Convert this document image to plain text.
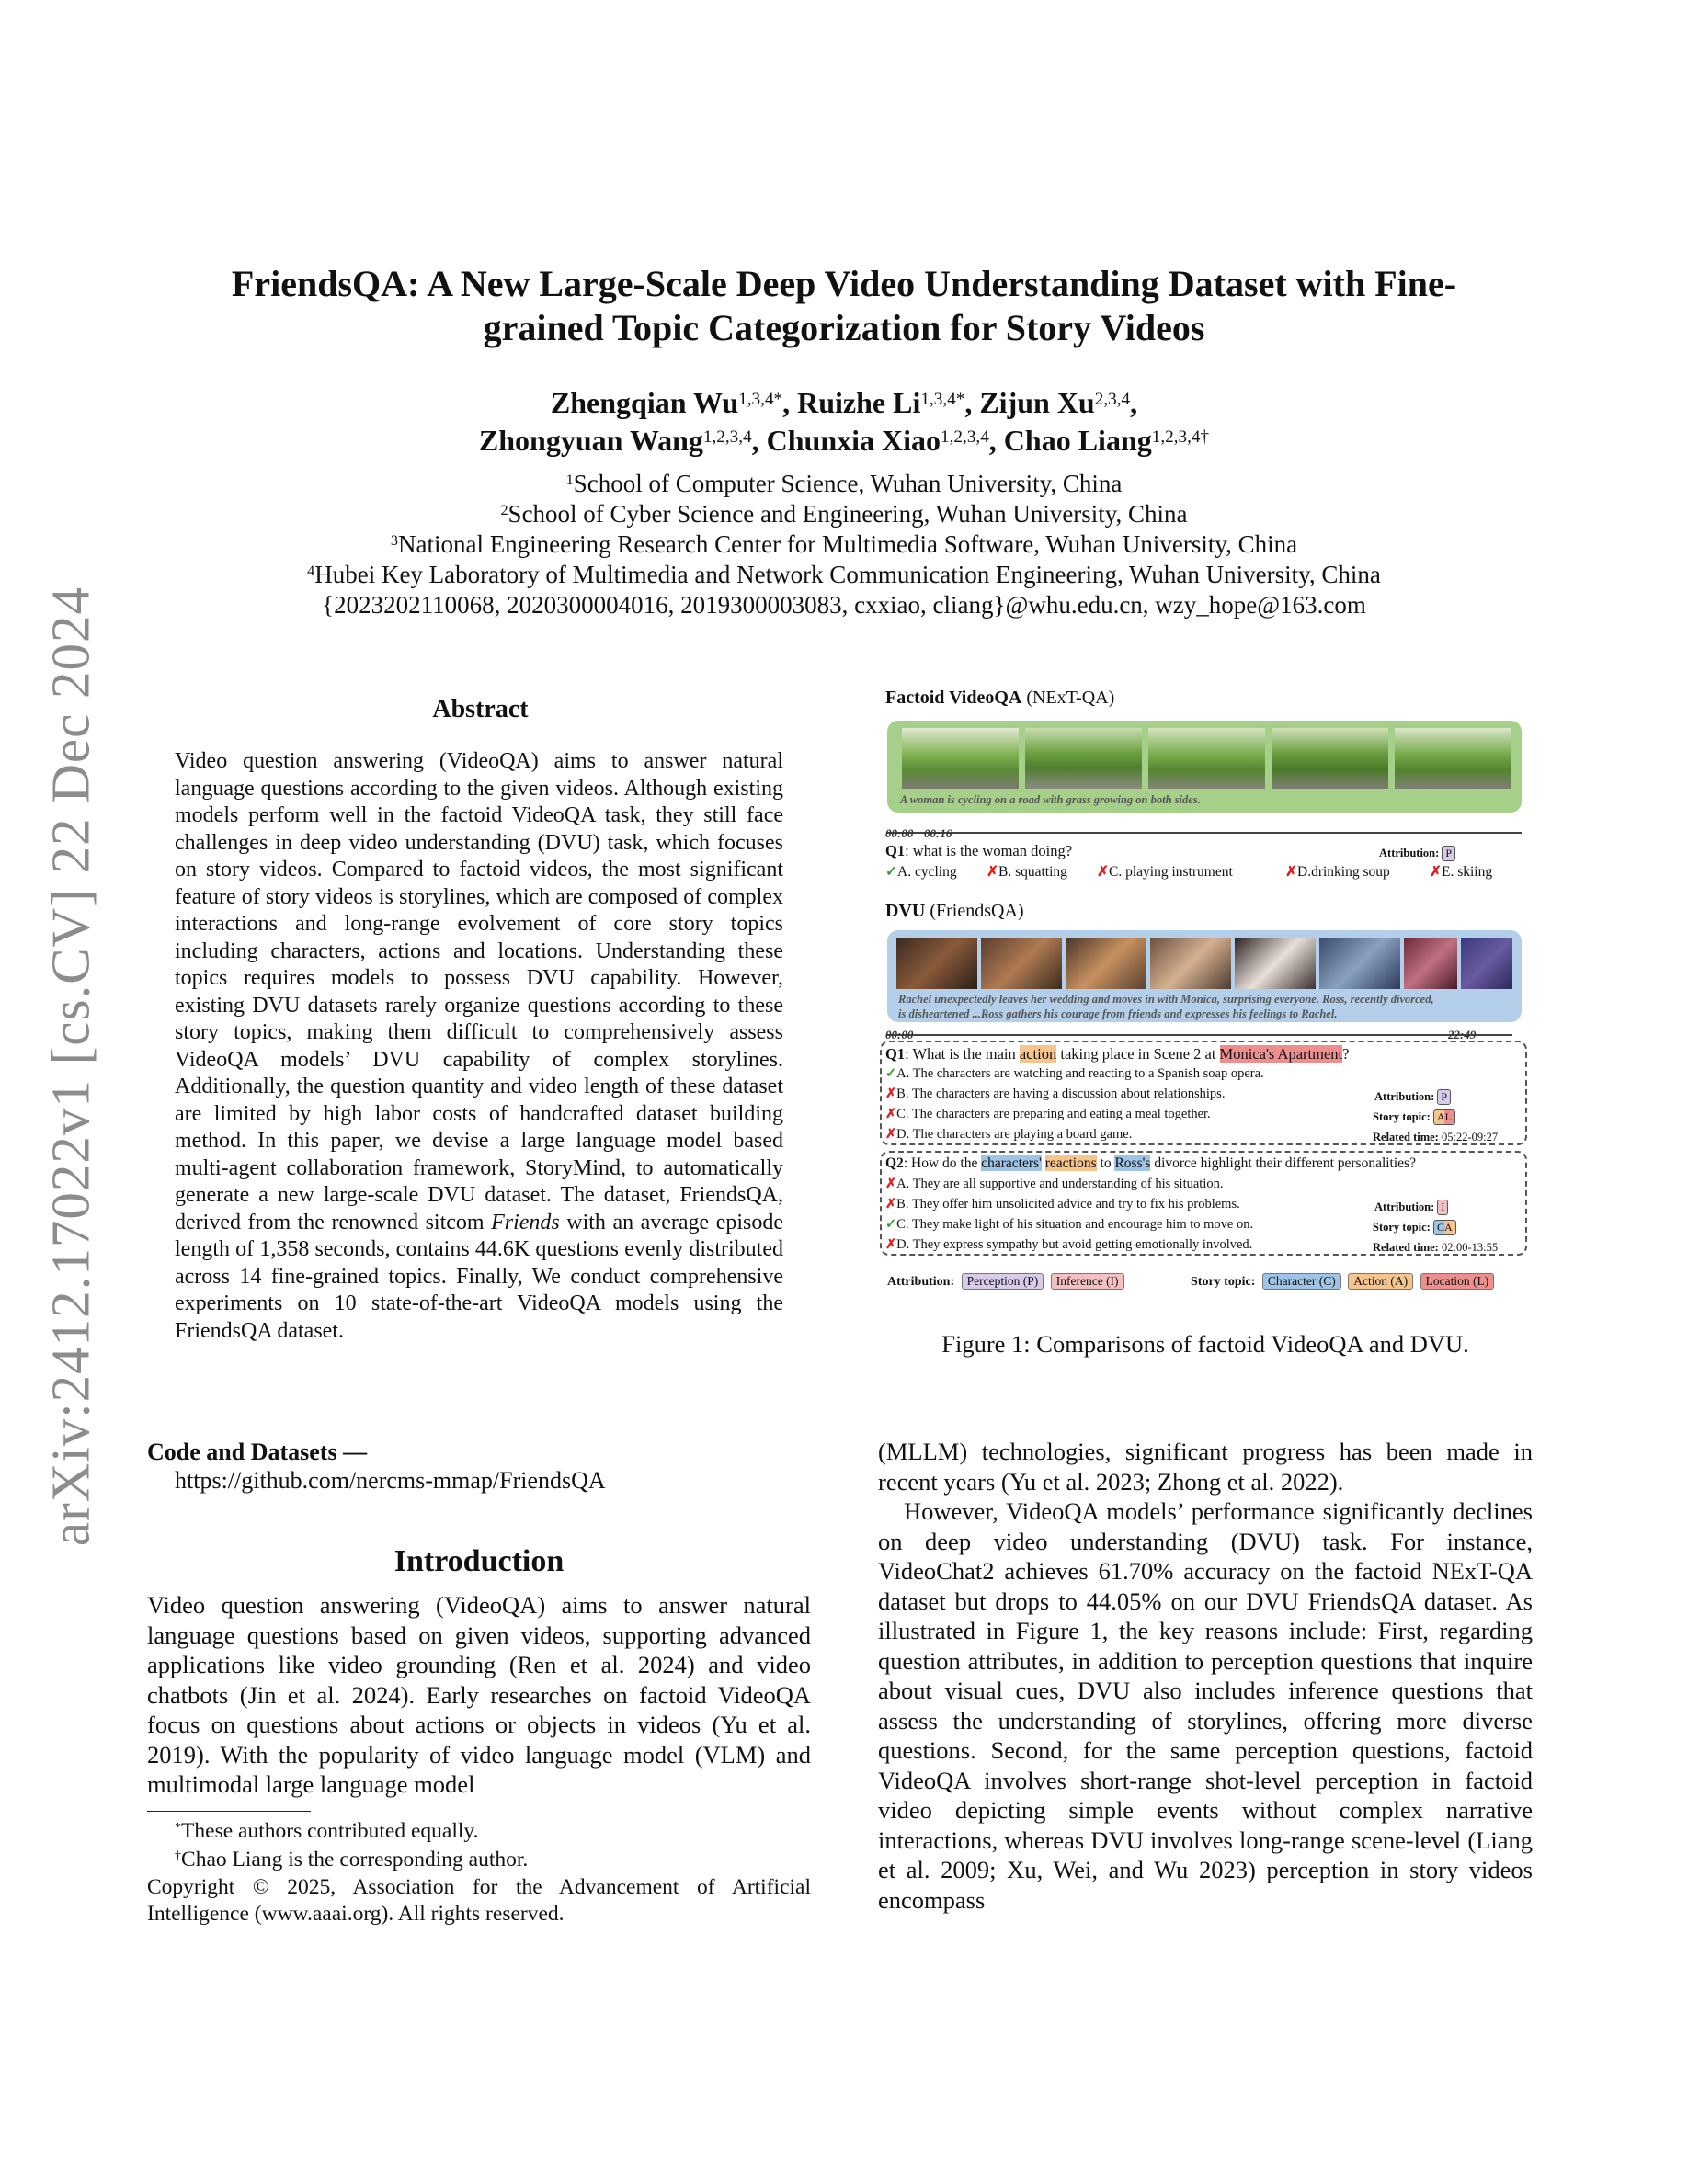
arXiv:2412.17022v1 [cs.CV] 22 Dec 2024
FriendsQA: A New Large-Scale Deep Video Understanding Dataset with Fine-grained Topic Categorization for Story Videos
Zhengqian $Wu^{1,3,4*}$, Ruizhe $Li^{1,3,4*}$, Zijun Xu$^{2,3,4}$,
Zhongyuan Wang$^{1,2,3,4}$, Chunxia Xiao$^{1,2,3,4}$, Chao Liang$^{1,2,3,4\dagger}$
$^1$School of Computer Science, Wuhan University, China
$^2$School of Cyber Science and Engineering, Wuhan University, China
$^3$National Engineering Research Center for Multimedia Software, Wuhan University, China
$^4$Hubei Key Laboratory of Multimedia and Network Communication Engineering, Wuhan University, China
{2023202110068, 2020300004016, 2019300003083, cxxiao, cliang}@whu.edu.cn, wzy_hope@163.com
Abstract
Video question answering (VideoQA) aims to answer natural language questions according to the given videos. Although existing models perform well in the factoid VideoQA task, they still face challenges in deep video understanding (DVU) task, which focuses on story videos. Compared to factoid videos, the most significant feature of story videos is storylines, which are composed of complex interactions and long-range evolvement of core story topics including characters, actions and locations. Understanding these topics requires models to possess DVU capability. However, existing DVU datasets rarely organize questions according to these story topics, making them difficult to comprehensively assess VideoQA models’ DVU capability of complex storylines. Additionally, the question quantity and video length of these dataset are limited by high labor costs of handcrafted dataset building method. In this paper, we devise a large language model based multi-agent collaboration framework, StoryMind, to automatically generate a new large-scale DVU dataset. The dataset, FriendsQA, derived from the renowned sitcom Friends with an average episode length of 1,358 seconds, contains 44.6K questions evenly distributed across 14 fine-grained topics. Finally, We conduct comprehensive experiments on 10 state-of-the-art VideoQA models using the FriendsQA dataset.
Code and Datasets —
https://github.com/nercms-mmap/FriendsQA
Introduction
Video question answering (VideoQA) aims to answer natural language questions based on given videos, supporting advanced applications like video grounding (Ren et al. 2024) and video chatbots (Jin et al. 2024). Early researches on factoid VideoQA focus on questions about actions or objects in videos (Yu et al. 2019). With the popularity of video language model (VLM) and multimodal large language model
*These authors contributed equally.
†Chao Liang is the corresponding author.
Copyright © 2025, Association for the Advancement of Artificial Intelligence (www.aaai.org). All rights reserved.

(MLLM) technologies, significant progress has been made in recent years (Yu et al. 2023; Zhong et al. 2022).

However, VideoQA models’ performance significantly declines on deep video understanding (DVU) task. For instance, VideoChat2 achieves 61.70% accuracy on the factoid NExT-QA dataset but drops to 44.05% on our DVU FriendsQA dataset. As illustrated in Figure 1, the key reasons include: First, regarding question attributes, in addition to perception questions that inquire about visual cues, DVU also includes inference questions that assess the understanding of storylines, offering more diverse questions. Second, for the same perception questions, factoid VideoQA involves short-range shot-level perception in factoid video depicting simple events without complex narrative interactions, whereas DVU involves long-range scene-level (Liang et al. 2009; Xu, Wei, and Wu 2023) perception in story videos encompass

Factoid VideoQA (NExT-QA)
A woman is cycling on a road with grass growing on both sides.
00:00 00:16
Q1: what is the woman doing?	Attribution: P
✓A. cycling ✗B. squatting ✗C. playing instrument	✗D.drinking soup	✗E. skiing
DVU (FriendsQA)
Rachel unexpectedly leaves her wedding and moves in with Monica, surprising everyone. Ross, recently divorced,
is disheartened ...Ross gathers his courage from friends and expresses his feelings to Rachel.
00:00	22:49
Q1: What is the main action taking place in Scene 2 at Monica's Apartment?
✓A. The characters are watching and reacting to a Spanish soap opera.
✗B. The characters are having a discussion about relationships.
✗C. The characters are preparing and eating a meal together.
✗D. The characters are playing a board game.
Attribution: P
Story topic: AL
Related time: 05:22-09:27
Q2: How do the characters' reactions to Ross's divorce highlight their different personalities?
✗A. They are all supportive and understanding of his situation.
✗B. They offer him unsolicited advice and try to fix his problems.
✓C. They make light of his situation and encourage him to move on.
✗D. They express sympathy but avoid getting emotionally involved.
Attribution: I
Story topic: CA
Related time: 02:00-13:55
Attribution: Perception (P) Inference (I)	Story topic: Character (C) Action (A) Location (L)
Figure 1: Comparisons of factoid VideoQA and DVU.
